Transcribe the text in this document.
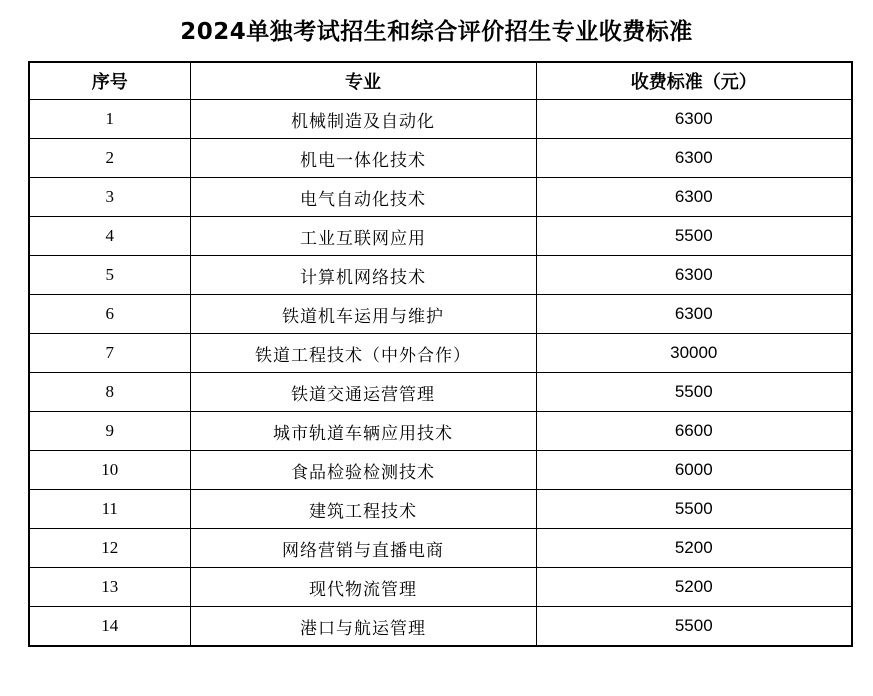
2024单独考试招生和综合评价招生专业收费标准
序号	专业	收费标准（元）
1	机械制造及自动化	6300
2	机电一体化技术	6300
3	电气自动化技术	6300
4	工业互联网应用	5500
5	计算机网络技术	6300
6	铁道机车运用与维护	6300
7	铁道工程技术（中外合作）	30000
8	铁道交通运营管理	5500
9	城市轨道车辆应用技术	6600
10	食品检验检测技术	6000
11	建筑工程技术	5500
12	网络营销与直播电商	5200
13	现代物流管理	5200
14	港口与航运管理	5500
